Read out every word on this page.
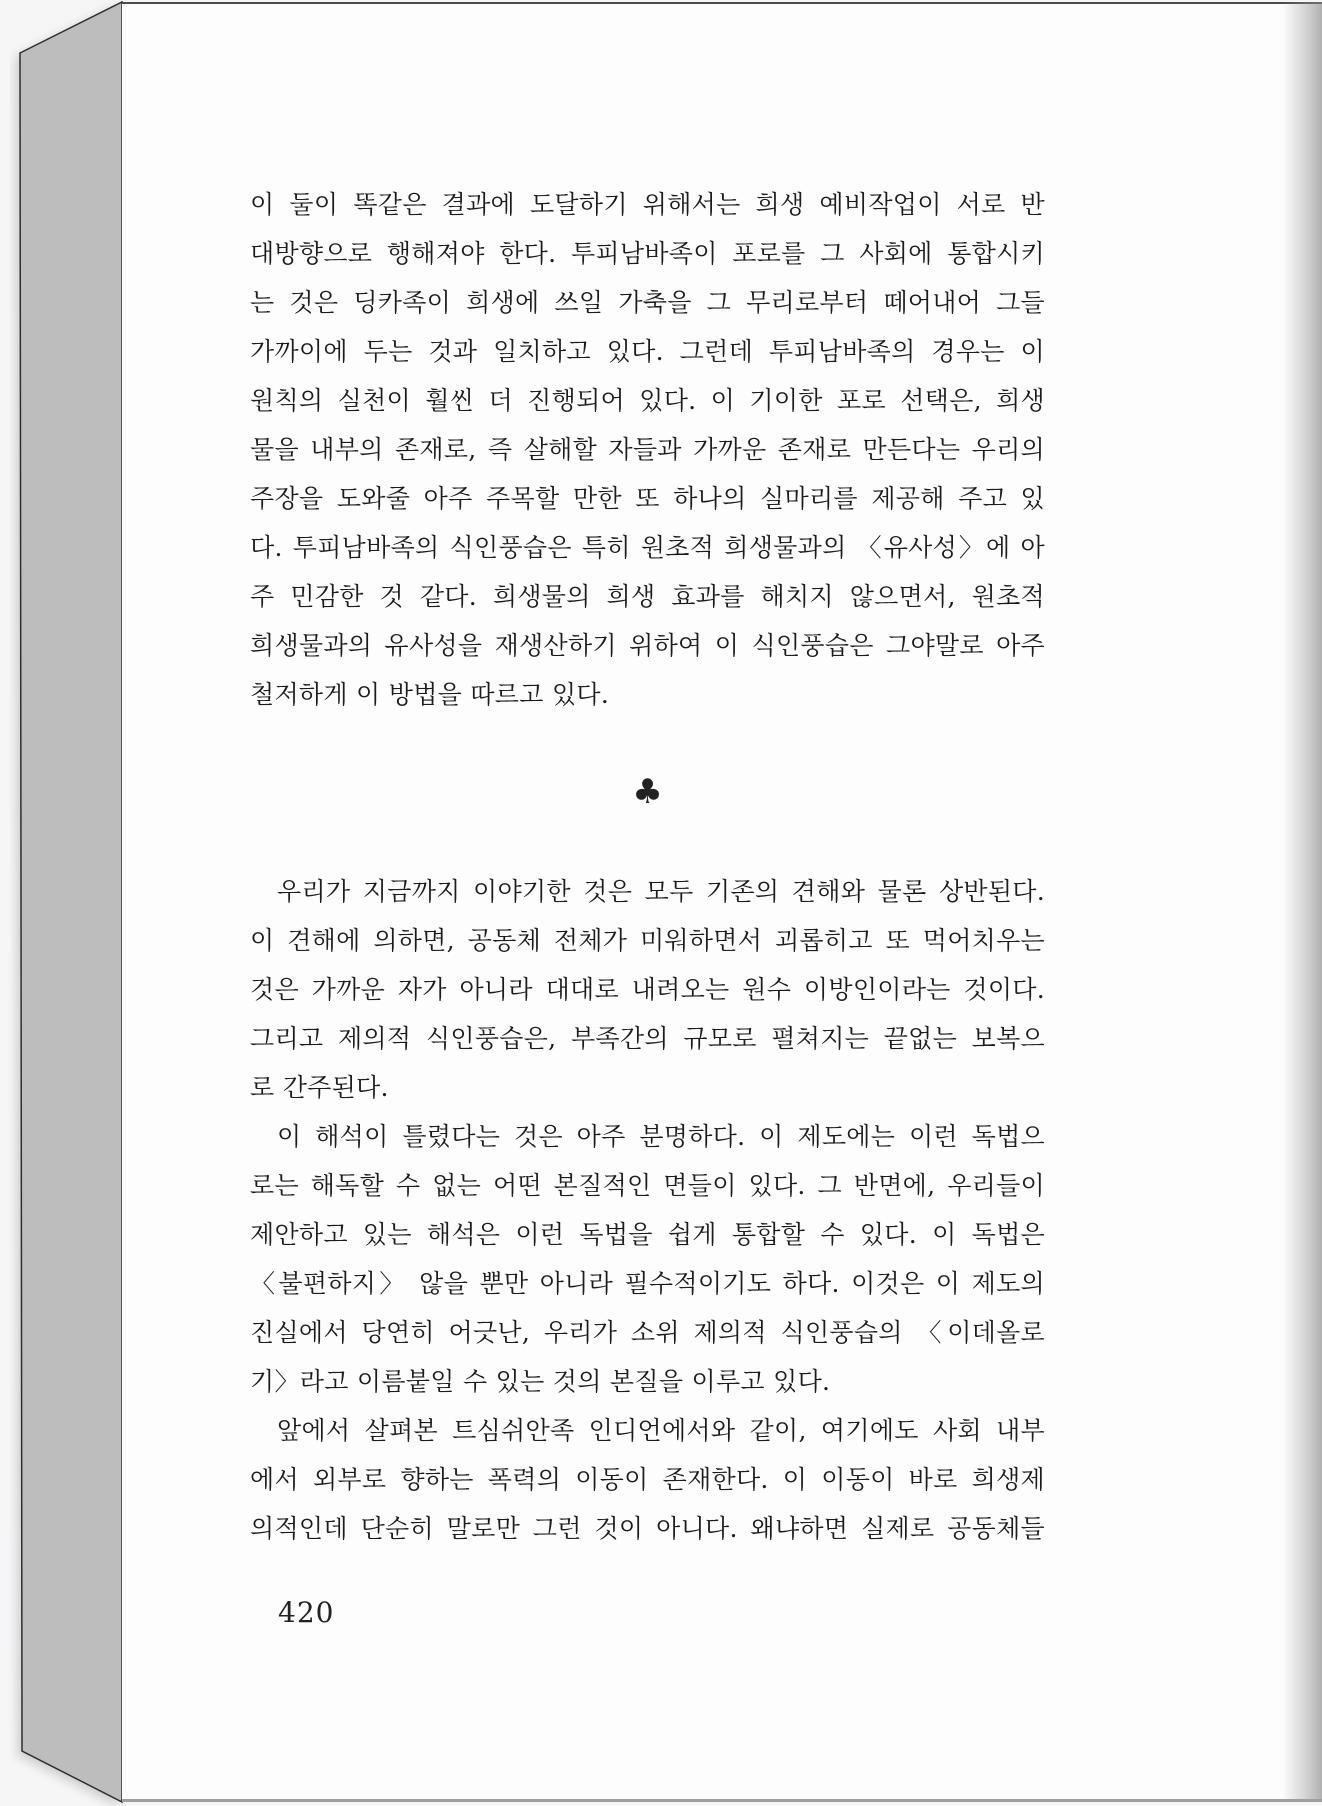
이 둘이 똑같은 결과에 도달하기 위해서는 희생 예비작업이 서로 반
대방향으로 행해져야 한다. 투피남바족이 포로를 그 사회에 통합시키
는 것은 딩카족이 희생에 쓰일 가축을 그 무리로부터 떼어내어 그들
가까이에 두는 것과 일치하고 있다. 그런데 투피남바족의 경우는 이
원칙의 실천이 훨씬 더 진행되어 있다. 이 기이한 포로 선택은, 희생
물을 내부의 존재로, 즉 살해할 자들과 가까운 존재로 만든다는 우리의
주장을 도와줄 아주 주목할 만한 또 하나의 실마리를 제공해 주고 있
다. 투피남바족의 식인풍습은 특히 원초적 희생물과의 〈유사성〉에 아
주 민감한 것 같다. 희생물의 희생 효과를 해치지 않으면서, 원초적
희생물과의 유사성을 재생산하기 위하여 이 식인풍습은 그야말로 아주
철저하게 이 방법을 따르고 있다.
♣
우리가 지금까지 이야기한 것은 모두 기존의 견해와 물론 상반된다.
이 견해에 의하면, 공동체 전체가 미워하면서 괴롭히고 또 먹어치우는
것은 가까운 자가 아니라 대대로 내려오는 원수 이방인이라는 것이다.
그리고 제의적 식인풍습은, 부족간의 규모로 펼쳐지는 끝없는 보복으
로 간주된다.
이 해석이 틀렸다는 것은 아주 분명하다. 이 제도에는 이런 독법으
로는 해독할 수 없는 어떤 본질적인 면들이 있다. 그 반면에, 우리들이
제안하고 있는 해석은 이런 독법을 쉽게 통합할 수 있다. 이 독법은
〈불편하지〉 않을 뿐만 아니라 필수적이기도 하다. 이것은 이 제도의
진실에서 당연히 어긋난, 우리가 소위 제의적 식인풍습의 〈이데올로
기〉라고 이름붙일 수 있는 것의 본질을 이루고 있다.
앞에서 살펴본 트심쉬안족 인디언에서와 같이, 여기에도 사회 내부
에서 외부로 향하는 폭력의 이동이 존재한다. 이 이동이 바로 희생제
의적인데 단순히 말로만 그런 것이 아니다. 왜냐하면 실제로 공동체들
420
